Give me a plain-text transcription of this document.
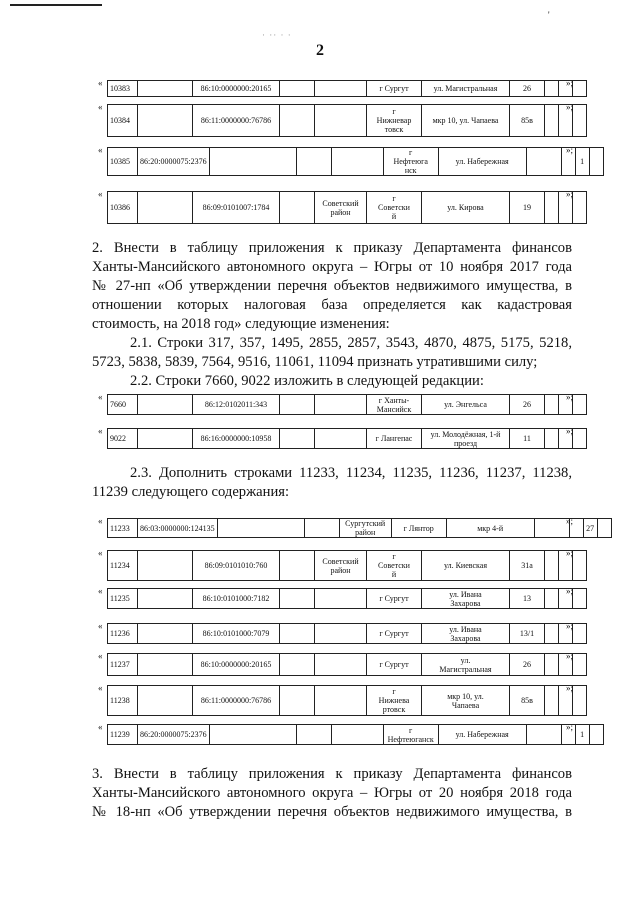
· ·· · ·
'
2
«
10383		86:10:0000000:20165			г Сургут	ул. Магистральная	26			
»;
«
10384		86:11:0000000:76786			г
Нижневар
товск	мкр 10, ул. Чапаева	85в			
»;
«
10385	86:20:0000075:2376				г
Нефтеюга
нск	ул. Набережная			1	
»;
«
10386		86:09:0101007:1784		Советский
район	г
Советски
й	ул. Кирова	19			
»;
«
7660		86:12:0102011:343			г Ханты-Мансийск	ул. Энгельса	26			
»;
«
9022		86:16:0000000:10958			г Лангепас	ул. Молодёжная, 1-й
проезд	11			
»;
«
11233	86:03:0000000:124135			Сургутский
район	г Лянтор	мкр 4-й			27	
»;
«
11234		86:09:0101010:760		Советский
район	г
Советски
й	ул. Киевская	31а			
»;
«
11235		86:10:0101000:7182			г Сургут	ул. Ивана
Захарова	13			
»;
«
11236		86:10:0101000:7079			г Сургут	ул. Ивана
Захарова	13/1			
»;
«
11237		86:10:0000000:20165			г Сургут	ул.
Магистральная	26			
»;
«
11238		86:11:0000000:76786			г
Нижнева
ртовск	мкр 10, ул.
Чапаева	85в			
»;
«
11239	86:20:0000075:2376				г
Нефтеюганск	ул. Набережная			1	
»;
2. Внести в таблицу приложения к приказу Департамента финансов
Ханты-Мансийского автономного округа – Югры от 10 ноября 2017 года
№ 27-нп «Об утверждении перечня объектов недвижимого имущества, в
отношении которых налоговая база определяется как кадастровая
стоимость, на 2018 год» следующие изменения:
2.1. Строки 317, 357, 1495, 2855, 2857, 3543, 4870, 4875, 5175, 5218,
5723, 5838, 5839, 7564, 9516, 11061, 11094 признать утратившими силу;
2.2. Строки 7660, 9022 изложить в следующей редакции:
2.3. Дополнить строками 11233, 11234, 11235, 11236, 11237, 11238,
11239 следующего содержания:
3. Внести в таблицу приложения к приказу Департамента финансов
Ханты-Мансийского автономного округа – Югры от 20 ноября 2018 года
№ 18-нп «Об утверждении перечня объектов недвижимого имущества, в
